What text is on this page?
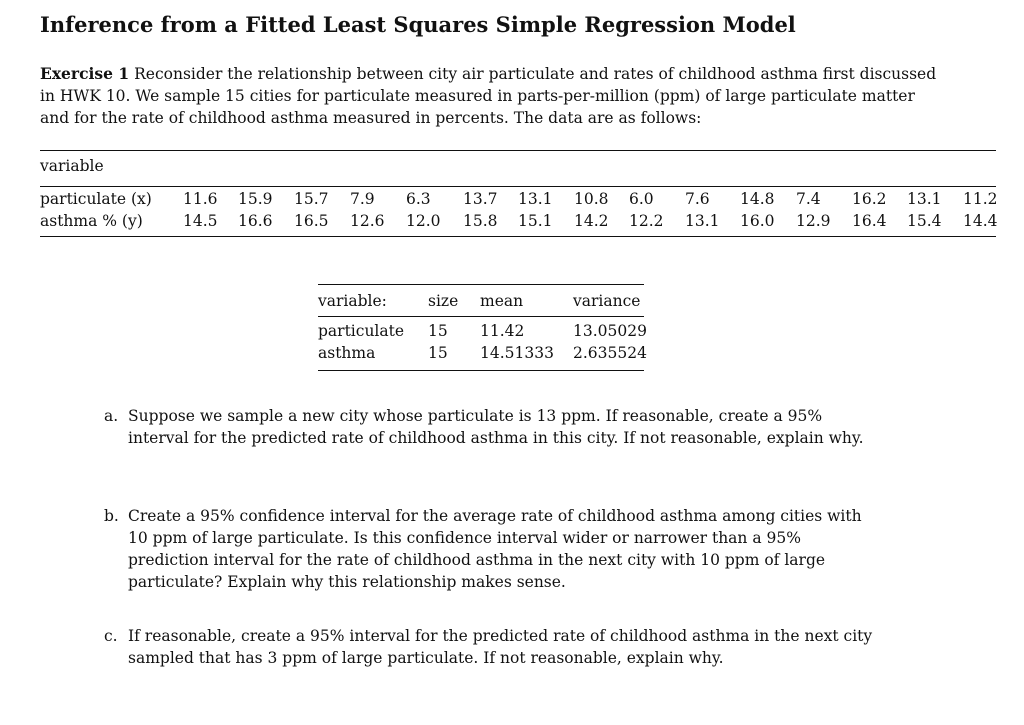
Inference from a Fitted Least Squares Simple Regression Model
Exercise 1 Reconsider the relationship between city air particulate and rates of childhood asthma first discussed in HWK 10. We sample 15 cities for particulate measured in parts-per-million (ppm) of large particulate matter and for the rate of childhood asthma measured in percents. The data are as follows:
variable
particulate (x) 11.6	15.9	15.7	7.9	6.3	13.7	13.1	10.8	6.0	7.6	14.8	7.4	16.2	13.1	11.2
asthma % (y)	14.5	16.6	16.5	12.6	12.0	15.8	15.1	14.2	12.2	13.1	16.0	12.9	16.4	15.4	14.4
variable:	size mean	variance
particulate 15 11.42	13.05029
asthma	15 14.51333 2.635524
a. Suppose we sample a new city whose particulate is 13 ppm. If reasonable, create a 95% interval for the predicted rate of childhood asthma in this city. If not reasonable, explain why.
b. Create a 95% confidence interval for the average rate of childhood asthma among cities with 10 ppm of large particulate. Is this confidence interval wider or narrower than a 95% prediction interval for the rate of childhood asthma in the next city with 10 ppm of large particulate? Explain why this relationship makes sense.
c. If reasonable, create a 95% interval for the predicted rate of childhood asthma in the next city sampled that has 3 ppm of large particulate. If not reasonable, explain why.
